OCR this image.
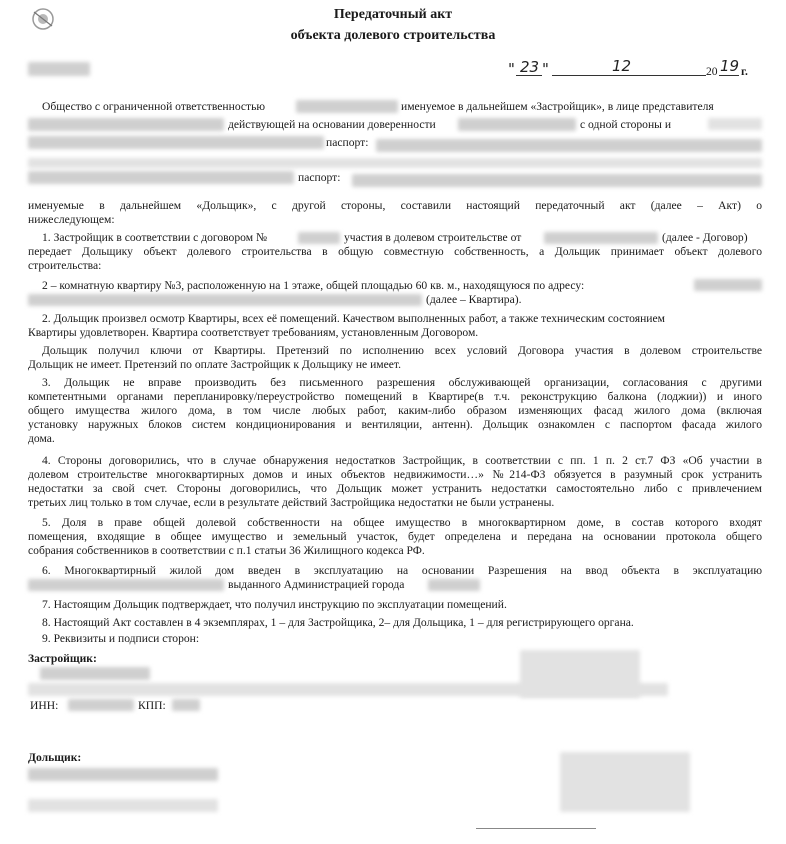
Передаточный акт
объекта долевого строительства
" 23 "	12	20 19 г.
Общество с ограниченной ответственностью	именуемое в дальнейшем «Застройщик», в лице представителя
действующей на основании доверенности	с одной стороны и
паспорт:
паспорт:
именуемые в дальнейшем «Дольщик», с другой стороны, составили настоящий передаточный акт (далее – Акт) о
нижеследующем:
1. Застройщик в соответствии с договором №	участия в долевом строительстве от	(далее - Договор)
передает Дольщику объект долевого строительства в общую совместную собственность, а Дольщик принимает объект долевого
строительства:
2 – комнатную квартиру №3, расположенную на 1 этаже, общей площадью 60 кв. м., находящуюся по адресу:
(далее – Квартира).
2. Дольщик произвел осмотр Квартиры, всех её помещений. Качеством выполненных работ, а также техническим состоянием
Квартиры удовлетворен. Квартира соответствует требованиям, установленным Договором.
Дольщик получил ключи от Квартиры. Претензий по исполнению всех условий Договора участия в долевом строительстве
Дольщик не имеет. Претензий по оплате Застройщик к Дольщику не имеет.
3. Дольщик не вправе производить без письменного разрешения обслуживающей организации, согласования с другими
компетентными органами перепланировку/переустройство помещений в Квартире(в т.ч. реконструкцию балкона (лоджии)) и иного
общего имущества жилого дома, в том числе любых работ, каким-либо образом изменяющих фасад жилого дома (включая
установку наружных блоков систем кондиционирования и вентиляции, антенн). Дольщик ознакомлен с паспортом фасада жилого
дома.
4. Стороны договорились, что в случае обнаружения недостатков Застройщик, в соответствии с пп. 1 п. 2 ст.7 ФЗ «Об участии в
долевом строительстве многоквартирных домов и иных объектов недвижимости…» №214-ФЗ обязуется в разумный срок устранить
недостатки за свой счет. Стороны договорились, что Дольщик может устранить недостатки самостоятельно либо с привлечением
третьих лиц только в том случае, если в результате действий Застройщика недостатки не были устранены.
5. Доля в праве общей долевой собственности на общее имущество в многоквартирном доме, в состав которого входят
помещения, входящие в общее имущество и земельный участок, будет определена и передана на основании протокола общего
собрания собственников в соответствии с п.1 статьи 36 Жилищного кодекса РФ.
6. Многоквартирный жилой дом введен в эксплуатацию на основании Разрешения на ввод объекта в эксплуатацию
выданного Администрацией города
7. Настоящим Дольщик подтверждает, что получил инструкцию по эксплуатации помещений.
8. Настоящий Акт составлен в 4 экземплярах, 1 – для Застройщика, 2– для Дольщика, 1 – для регистрирующего органа.
9. Реквизиты и подписи сторон:
Застройщик:
ИНН:	КПП:
Дольщик:
